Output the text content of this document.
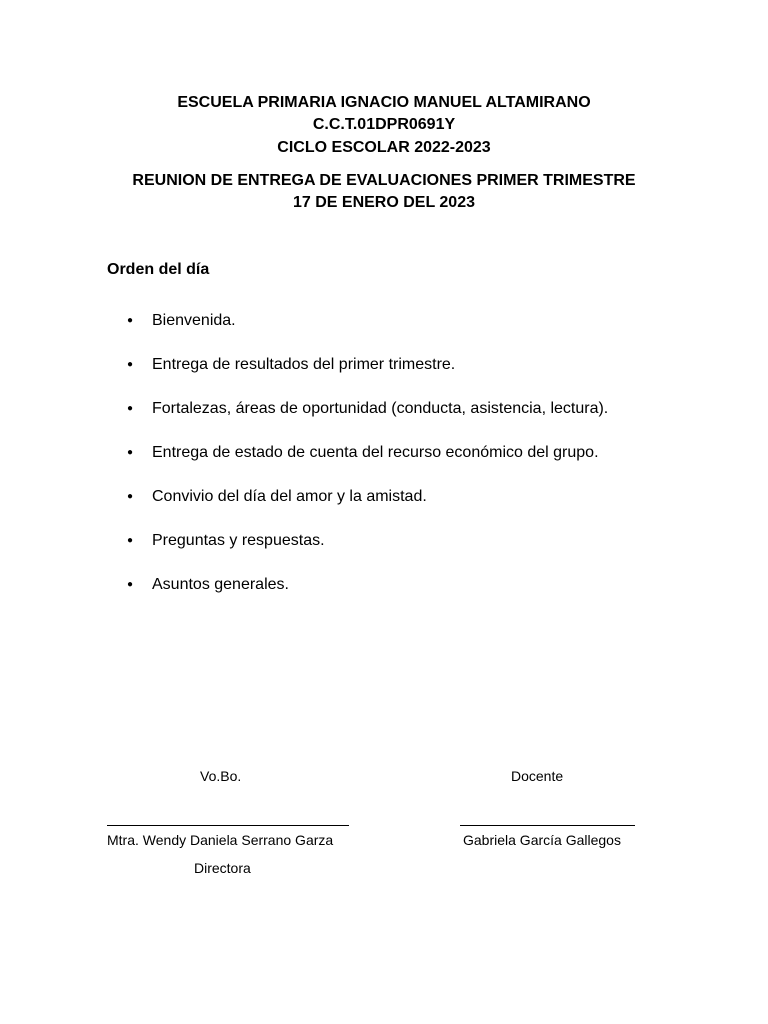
ESCUELA PRIMARIA IGNACIO MANUEL ALTAMIRANO
C.C.T.01DPR0691Y
CICLO ESCOLAR 2022-2023
REUNION DE ENTREGA DE EVALUACIONES PRIMER TRIMESTRE
17 DE ENERO DEL 2023
Orden del día
● Bienvenida.
● Entrega de resultados del primer trimestre.
● Fortalezas, áreas de oportunidad (conducta, asistencia, lectura).
● Entrega de estado de cuenta del recurso económico del grupo.
● Convivio del día del amor y la amistad.
● Preguntas y respuestas.
● Asuntos generales.
Vo.Bo.	Docente
Mtra. Wendy Daniela Serrano Garza	Gabriela García Gallegos
Directora
